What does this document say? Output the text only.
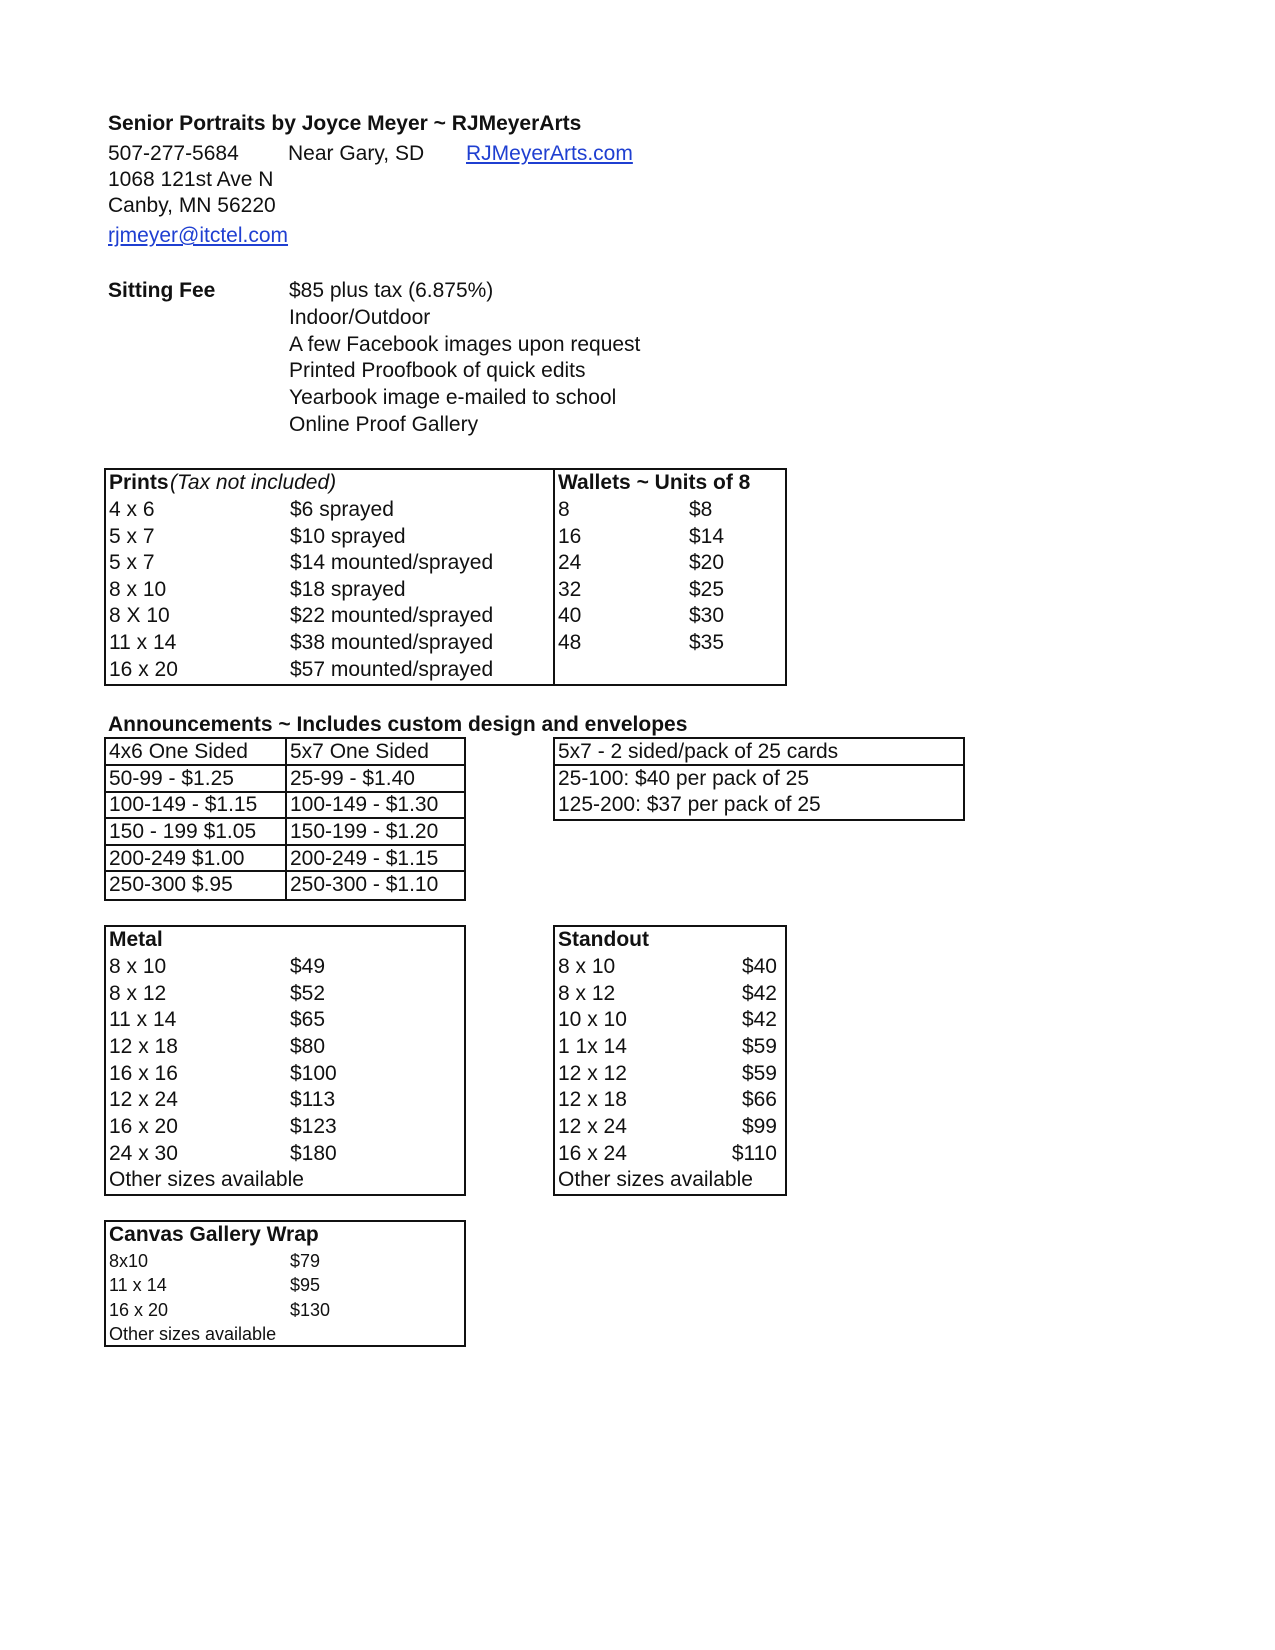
Senior Portraits by Joyce Meyer ~ RJMeyerArts
507-277-5684 Near Gary, SD RJMeyerArts.com
1068 121st Ave N
Canby, MN 56220
rjmeyer@itctel.com
Sitting Fee	$85 plus tax (6.875%)
Indoor/Outdoor
A few Facebook images upon request
Printed Proofbook of quick edits
Yearbook image e-mailed to school
Online Proof Gallery
Prints (Tax not included)	Wallets ~ Units of 8
4 x 6	$6 sprayed	8	$8
5 x 7	$10 sprayed	16	$14
5 x 7	$14 mounted/sprayed	24	$20
8 x 10	$18 sprayed	32	$25
8 X 10	$22 mounted/sprayed	40	$30
11 x 14	$38 mounted/sprayed	48	$35
16 x 20	$57 mounted/sprayed
Announcements ~ Includes custom design and envelopes
4x6 One Sided 5x7 One Sided
50-99 - $1.25	25-99 - $1.40
100-149 - $1.15 100-149 - $1.30
150 - 199 $1.05 150-199 - $1.20
200-249 $1.00 200-249 - $1.15
250-300 $.95	250-300 - $1.10
5x7 - 2 sided/pack of 25 cards
25-100: $40 per pack of 25
125-200: $37 per pack of 25
Metal
8 x 10	$49
8 x 12	$52
11 x 14	$65
12 x 18	$80
16 x 16	$100
12 x 24	$113
16 x 20	$123
24 x 30	$180
Other sizes available
Standout
8 x 10	$40
8 x 12	$42
10 x 10	$42
1 1x 14	$59
12 x 12	$59
12 x 18	$66
12 x 24	$99
16 x 24	$110
Other sizes available
Canvas Gallery Wrap
8x10	$79
11 x 14	$95
16 x 20	$130
Other sizes available
